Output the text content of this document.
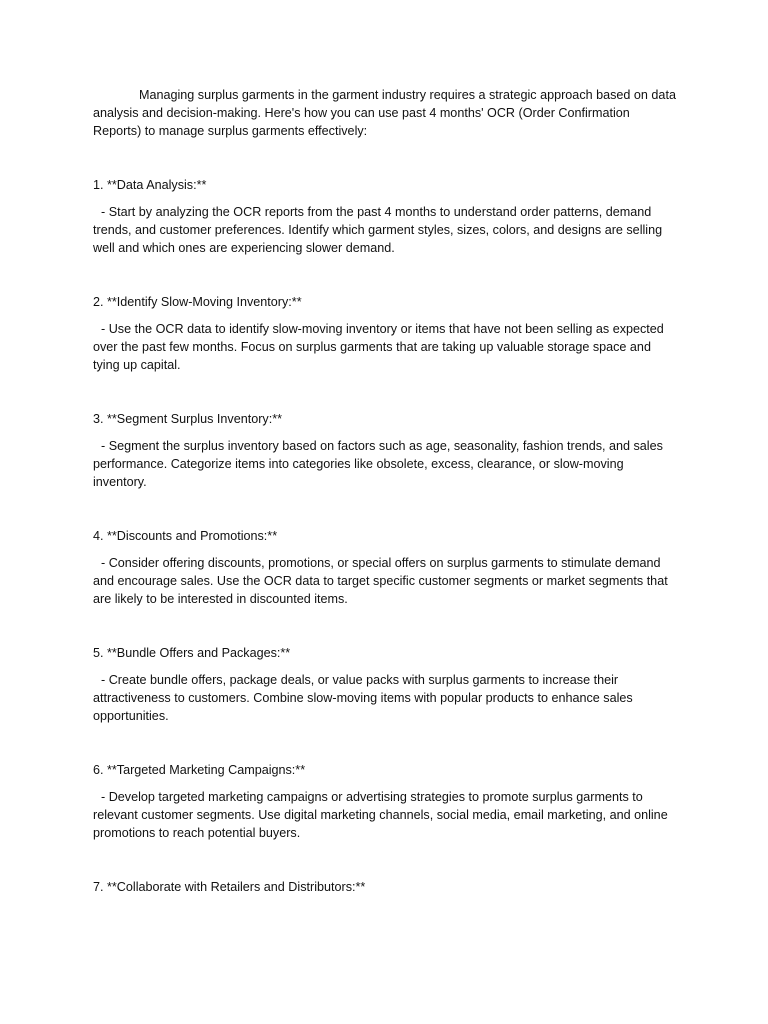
Managing surplus garments in the garment industry requires a strategic approach based on data analysis and decision-making. Here's how you can use past 4 months' OCR (Order Confirmation Reports) to manage surplus garments effectively:

1. **Data Analysis:**

- Start by analyzing the OCR reports from the past 4 months to understand order patterns, demand trends, and customer preferences. Identify which garment styles, sizes, colors, and designs are selling well and which ones are experiencing slower demand.

2. **Identify Slow-Moving Inventory:**

- Use the OCR data to identify slow-moving inventory or items that have not been selling as expected over the past few months. Focus on surplus garments that are taking up valuable storage space and tying up capital.

3. **Segment Surplus Inventory:**

- Segment the surplus inventory based on factors such as age, seasonality, fashion trends, and sales performance. Categorize items into categories like obsolete, excess, clearance, or slow-moving inventory.

4. **Discounts and Promotions:**

- Consider offering discounts, promotions, or special offers on surplus garments to stimulate demand and encourage sales. Use the OCR data to target specific customer segments or market segments that are likely to be interested in discounted items.

5. **Bundle Offers and Packages:**

- Create bundle offers, package deals, or value packs with surplus garments to increase their attractiveness to customers. Combine slow-moving items with popular products to enhance sales opportunities.

6. **Targeted Marketing Campaigns:**

- Develop targeted marketing campaigns or advertising strategies to promote surplus garments to relevant customer segments. Use digital marketing channels, social media, email marketing, and online promotions to reach potential buyers.

7. **Collaborate with Retailers and Distributors:**
